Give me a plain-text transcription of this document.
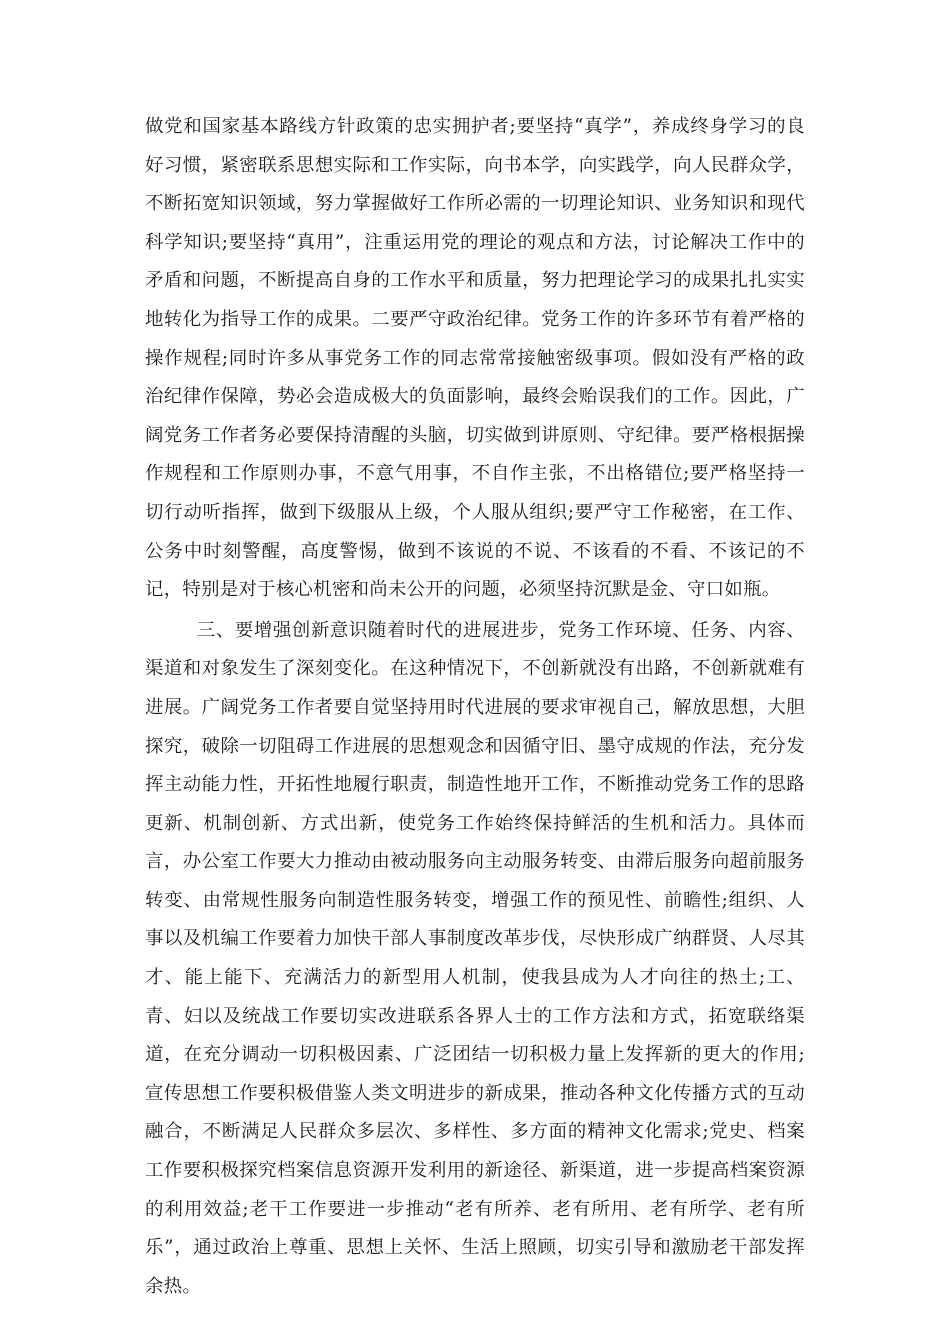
做党和国家基本路线方针政策的忠实拥护者;要坚持“真学”，养成终身学习的良好习惯，紧密联系思想实际和工作实际，向书本学，向实践学，向人民群众学，不断拓宽知识领域，努力掌握做好工作所必需的一切理论知识、业务知识和现代科学知识;要坚持“真用”，注重运用党的理论的观点和方法，讨论解决工作中的矛盾和问题，不断提高自身的工作水平和质量，努力把理论学习的成果扎扎实实地转化为指导工作的成果。二要严守政治纪律。党务工作的许多环节有着严格的操作规程;同时许多从事党务工作的同志常常接触密级事项。假如没有严格的政治纪律作保障，势必会造成极大的负面影响，最终会贻误我们的工作。因此，广阔党务工作者务必要保持清醒的头脑，切实做到讲原则、守纪律。要严格根据操作规程和工作原则办事，不意气用事，不自作主张，不出格错位;要严格坚持一切行动听指挥，做到下级服从上级，个人服从组织;要严守工作秘密，在工作、公务中时刻警醒，高度警惕，做到不该说的不说、不该看的不看、不该记的不记，特别是对于核心机密和尚未公开的问题，必须坚持沉默是金、守口如瓶。

三、要增强创新意识随着时代的进展进步，党务工作环境、任务、内容、渠道和对象发生了深刻变化。在这种情况下，不创新就没有出路，不创新就难有进展。广阔党务工作者要自觉坚持用时代进展的要求审视自己，解放思想，大胆探究，破除一切阻碍工作进展的思想观念和因循守旧、墨守成规的作法，充分发挥主动能力性，开拓性地履行职责，制造性地开工作，不断推动党务工作的思路更新、机制创新、方式出新，使党务工作始终保持鲜活的生机和活力。具体而言，办公室工作要大力推动由被动服务向主动服务转变、由滞后服务向超前服务转变、由常规性服务向制造性服务转变，增强工作的预见性、前瞻性;组织、人事以及机编工作要着力加快干部人事制度改革步伐，尽快形成广纳群贤、人尽其才、能上能下、充满活力的新型用人机制，使我县成为人才向往的热土;工、青、妇以及统战工作要切实改进联系各界人士的工作方法和方式，拓宽联络渠道，在充分调动一切积极因素、广泛团结一切积极力量上发挥新的更大的作用;宣传思想工作要积极借鉴人类文明进步的新成果，推动各种文化传播方式的互动融合，不断满足人民群众多层次、多样性、多方面的精神文化需求;党史、档案工作要积极探究档案信息资源开发利用的新途径、新渠道，进一步提高档案资源的利用效益;老干工作要进一步推动“老有所养、老有所用、老有所学、老有所乐”，通过政治上尊重、思想上关怀、生活上照顾，切实引导和激励老干部发挥余热。
